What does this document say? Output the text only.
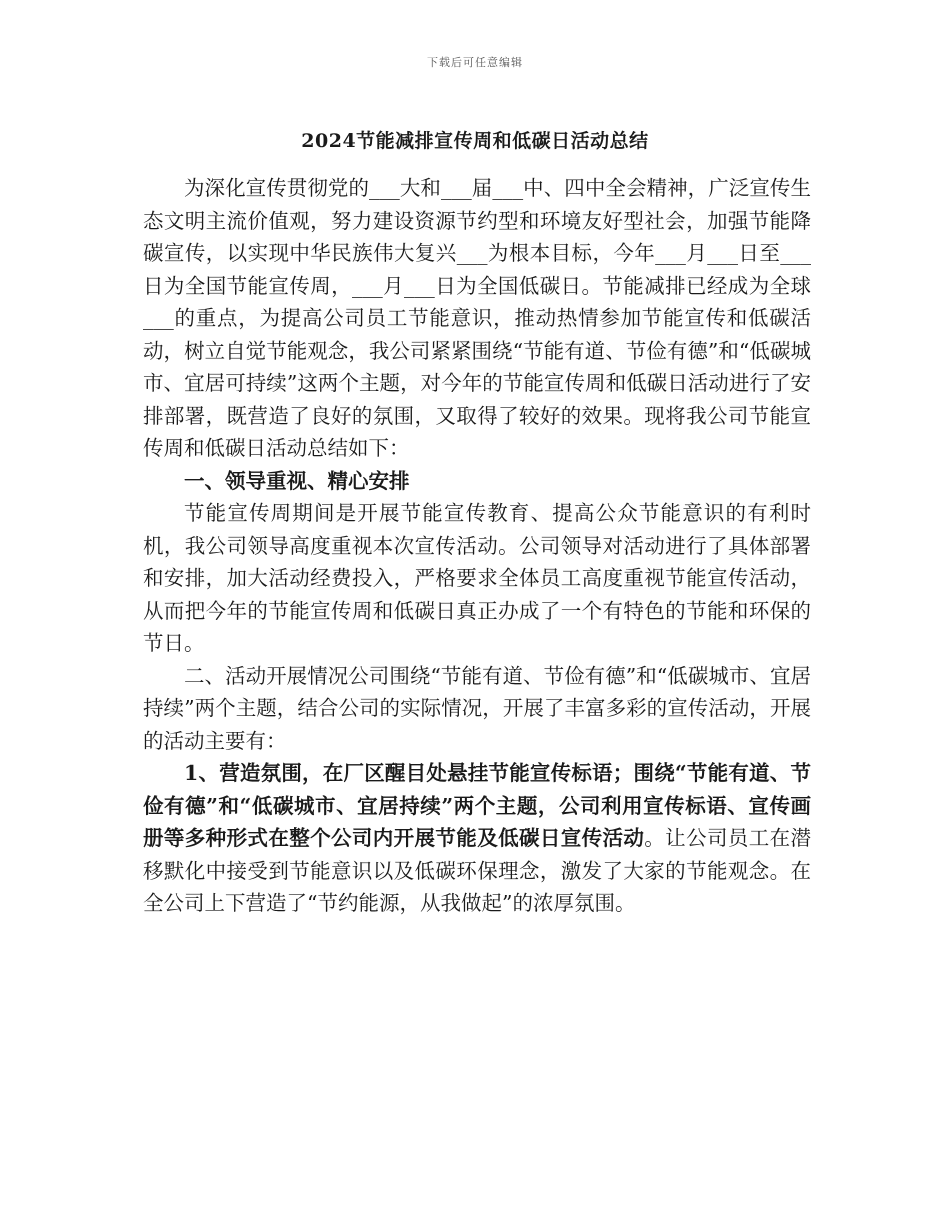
下载后可任意编辑
2024节能减排宣传周和低碳日活动总结

为深化宣传贯彻党的___大和___届___中、四中全会精神，广泛宣传生态文明主流价值观，努力建设资源节约型和环境友好型社会，加强节能降碳宣传，以实现中华民族伟大复兴___为根本目标，今年___月___日至___日为全国节能宣传周，___月___日为全国低碳日。节能减排已经成为全球___的重点，为提高公司员工节能意识，推动热情参加节能宣传和低碳活动，树立自觉节能观念，我公司紧紧围绕“节能有道、节俭有德”和“低碳城市、宜居可持续”这两个主题，对今年的节能宣传周和低碳日活动进行了安排部署，既营造了良好的氛围，又取得了较好的效果。现将我公司节能宣传周和低碳日活动总结如下：

一、领导重视、精心安排

节能宣传周期间是开展节能宣传教育、提高公众节能意识的有利时机，我公司领导高度重视本次宣传活动。公司领导对活动进行了具体部署和安排，加大活动经费投入，严格要求全体员工高度重视节能宣传活动，从而把今年的节能宣传周和低碳日真正办成了一个有特色的节能和环保的节日。

二、活动开展情况公司围绕“节能有道、节俭有德”和“低碳城市、宜居持续”两个主题，结合公司的实际情况，开展了丰富多彩的宣传活动，开展的活动主要有：

1、营造氛围，在厂区醒目处悬挂节能宣传标语；围绕“节能有道、节俭有德”和“低碳城市、宜居持续”两个主题，公司利用宣传标语、宣传画册等多种形式在整个公司内开展节能及低碳日宣传活动。让公司员工在潜移默化中接受到节能意识以及低碳环保理念，激发了大家的节能观念。在全公司上下营造了“节约能源，从我做起”的浓厚氛围。
